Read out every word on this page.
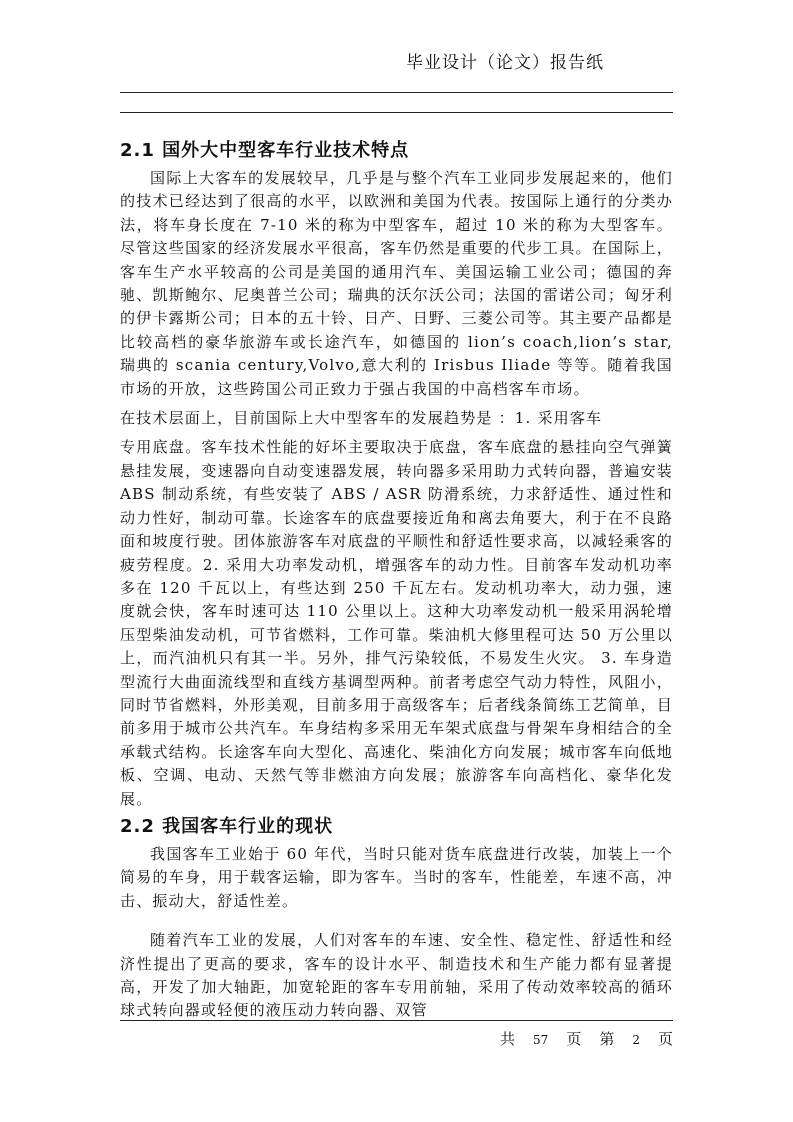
毕业设计（论文）报告纸
2.1 国外大中型客车行业技术特点

国际上大客车的发展较早，几乎是与整个汽车工业同步发展起来的，他们的技术已经达到了很高的水平，以欧洲和美国为代表。按国际上通行的分类办法，将车身长度在 7-10 米的称为中型客车，超过 10 米的称为大型客车。尽管这些国家的经济发展水平很高，客车仍然是重要的代步工具。在国际上，客车生产水平较高的公司是美国的通用汽车、美国运输工业公司；德国的奔驰、凯斯鲍尔、尼奥普兰公司；瑞典的沃尔沃公司；法国的雷诺公司；匈牙利的伊卡露斯公司；日本的五十铃、日产、日野、三菱公司等。其主要产品都是比较高档的豪华旅游车或长途汽车，如德国的 lion’s coach,lion’s star, 瑞典的 scania century,Volvo,意大利的 Irisbus Iliade 等等。随着我国市场的开放，这些跨国公司正致力于强占我国的中高档客车市场。

在技术层面上，目前国际上大中型客车的发展趋势是 ：1. 采用客车

专用底盘。客车技术性能的好坏主要取决于底盘，客车底盘的悬挂向空气弹簧悬挂发展，变速器向自动变速器发展，转向器多采用助力式转向器，普遍安装 ABS 制动系统，有些安装了 ABS / ASR 防滑系统，力求舒适性、通过性和动力性好，制动可靠。长途客车的底盘要接近角和离去角要大，利于在不良路面和坡度行驶。团体旅游客车对底盘的平顺性和舒适性要求高，以减轻乘客的疲劳程度。2. 采用大功率发动机，增强客车的动力性。目前客车发动机功率多在 120 千瓦以上，有些达到 250 千瓦左右。发动机功率大，动力强，速度就会快，客车时速可达 110 公里以上。这种大功率发动机一般采用涡轮增压型柴油发动机，可节省燃料，工作可靠。柴油机大修里程可达 50 万公里以上，而汽油机只有其一半。另外，排气污染较低，不易发生火灾。 3. 车身造型流行大曲面流线型和直线方基调型两种。前者考虑空气动力特性，风阻小，同时节省燃料，外形美观，目前多用于高级客车；后者线条简练工艺简单，目前多用于城市公共汽车。车身结构多采用无车架式底盘与骨架车身相结合的全承载式结构。长途客车向大型化、高速化、柴油化方向发展；城市客车向低地板、空调、电动、天然气等非燃油方向发展；旅游客车向高档化、豪华化发展。

2.2 我国客车行业的现状

我国客车工业始于 60 年代，当时只能对货车底盘进行改装，加装上一个简易的车身，用于载客运输，即为客车。当时的客车，性能差，车速不高，冲击、振动大，舒适性差。

随着汽车工业的发展，人们对客车的车速、安全性、稳定性、舒适性和经济性提出了更高的要求，客车的设计水平、制造技术和生产能力都有显著提高，开发了加大轴距，加宽轮距的客车专用前轴，采用了传动效率较高的循环球式转向器或轻便的液压动力转向器、双管

共 57 页 第 2 页
